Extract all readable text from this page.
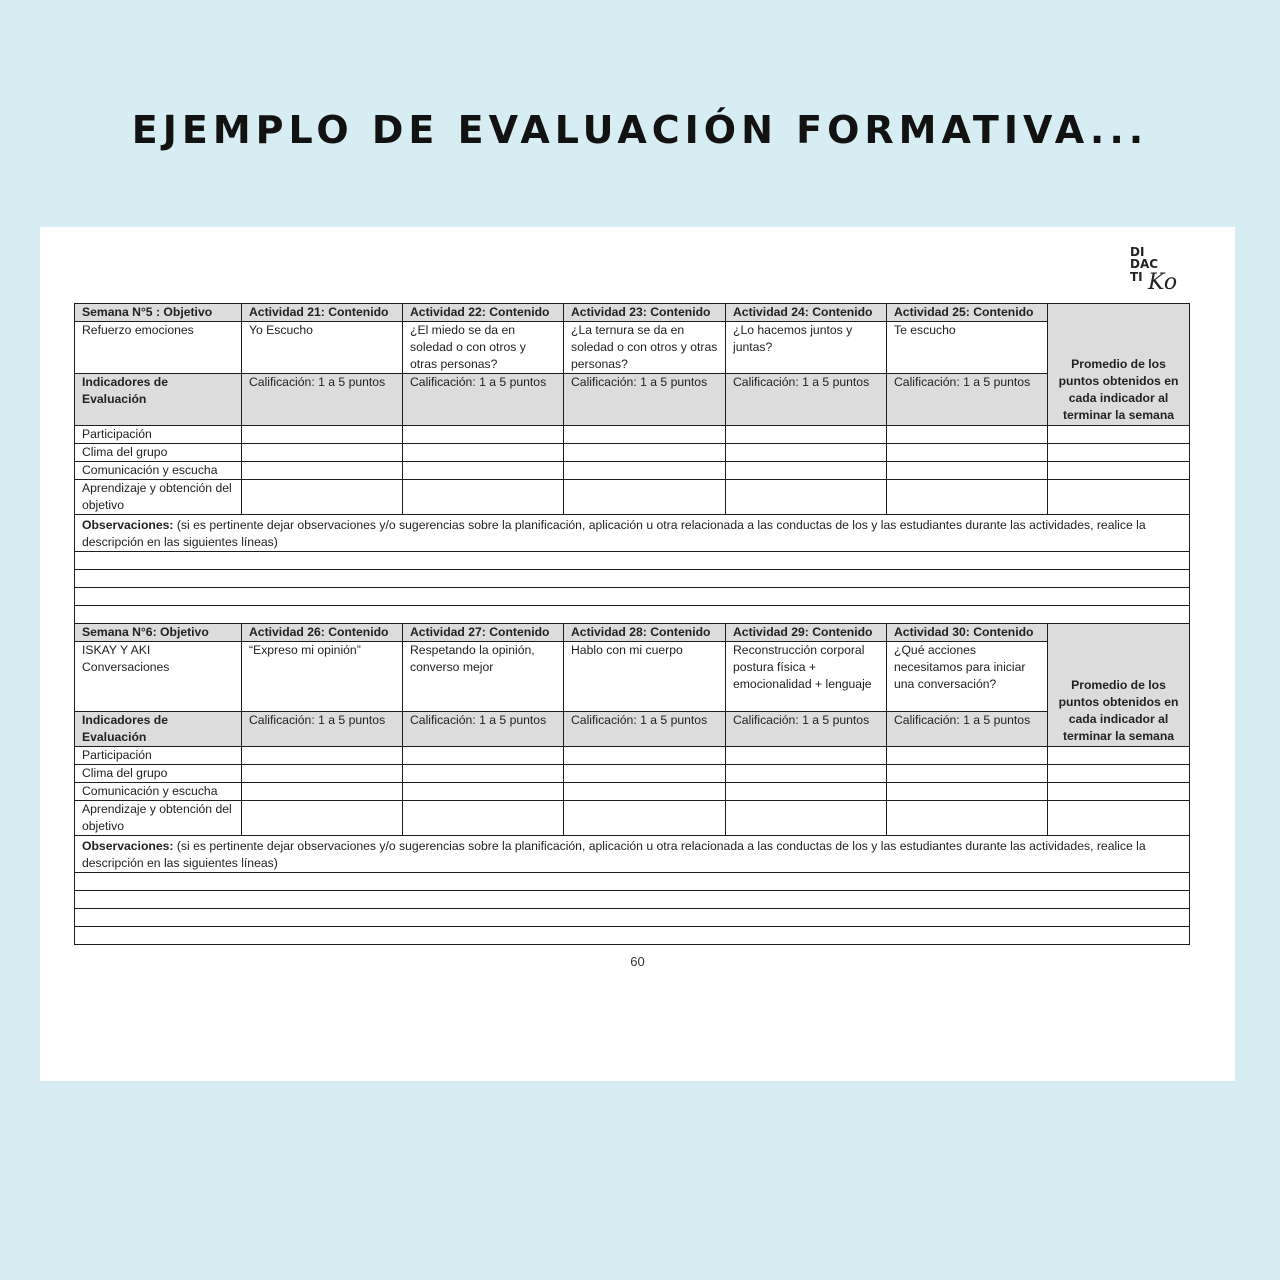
EJEMPLO DE EVALUACIÓN FORMATIVA...
DI
DAC
TI Ko
Semana N°5 : Objetivo	Actividad 21: Contenido	Actividad 22: Contenido	Actividad 23: Contenido	Actividad 24: Contenido	Actividad 25: Contenido	Promedio de los puntos obtenidos en cada indicador al terminar la semana
Refuerzo emociones	Yo Escucho	¿El miedo se da en soledad o con otros y otras personas?	¿La ternura se da en soledad o con otros y otras personas?	¿Lo hacemos juntos y juntas?	Te escucho	
Indicadores de Evaluación	Calificación: 1 a 5 puntos	Calificación: 1 a 5 puntos	Calificación: 1 a 5 puntos	Calificación: 1 a 5 puntos	Calificación: 1 a 5 puntos	
Participación						
Clima del grupo						
Comunicación y escucha						
Aprendizaje y obtención del objetivo						
Observaciones: (si es pertinente dejar observaciones y/o sugerencias sobre la planificación, aplicación u otra relacionada a las conductas de los y las estudiantes durante las actividades, realice la descripción en las siguientes líneas)						

Semana N°6: Objetivo	Actividad 26: Contenido	Actividad 27: Contenido	Actividad 28: Contenido	Actividad 29: Contenido	Actividad 30: Contenido	Promedio de los puntos obtenidos en cada indicador al terminar la semana
ISKAY Y AKI Conversaciones	“Expreso mi opinión”	Respetando la opinión, converso mejor	Hablo con mi cuerpo	Reconstrucción corporal postura física + emocionalidad + lenguaje	¿Qué acciones necesitamos para iniciar una conversación?	
Indicadores de Evaluación	Calificación: 1 a 5 puntos	Calificación: 1 a 5 puntos	Calificación: 1 a 5 puntos	Calificación: 1 a 5 puntos	Calificación: 1 a 5 puntos	
Participación						
Clima del grupo						
Comunicación y escucha						
Aprendizaje y obtención del objetivo						
Observaciones: (si es pertinente dejar observaciones y/o sugerencias sobre la planificación, aplicación u otra relacionada a las conductas de los y las estudiantes durante las actividades, realice la descripción en las siguientes líneas)						

60
